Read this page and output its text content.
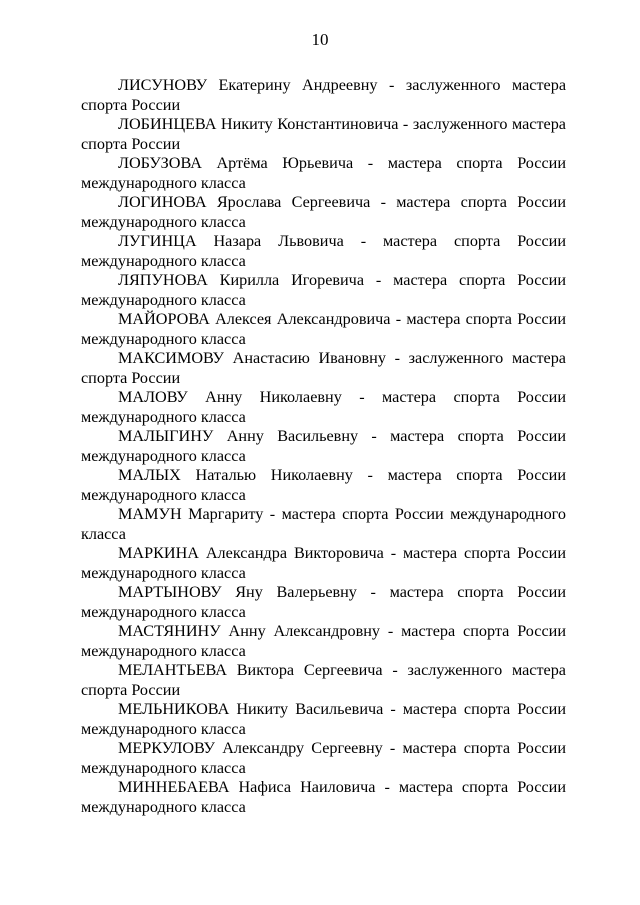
10
ЛИСУНОВУ Екатерину Андреевну - заслуженного мастера спорта России
ЛОБИНЦЕВА Никиту Константиновича - заслуженного мастера спорта России
ЛОБУЗОВА Артёма Юрьевича - мастера спорта России международного класса
ЛОГИНОВА Ярослава Сергеевича - мастера спорта России международного класса
ЛУГИНЦА Назара Львовича - мастера спорта России международного класса
ЛЯПУНОВА Кирилла Игоревича - мастера спорта России международного класса
МАЙОРОВА Алексея Александровича - мастера спорта России международного класса
МАКСИМОВУ Анастасию Ивановну - заслуженного мастера спорта России
МАЛОВУ Анну Николаевну - мастера спорта России международного класса
МАЛЫГИНУ Анну Васильевну - мастера спорта России международного класса
МАЛЫХ Наталью Николаевну - мастера спорта России международного класса
МАМУН Маргариту - мастера спорта России международного класса
МАРКИНА Александра Викторовича - мастера спорта России международного класса
МАРТЫНОВУ Яну Валерьевну - мастера спорта России международного класса
МАСТЯНИНУ Анну Александровну - мастера спорта России международного класса
МЕЛАНТЬЕВА Виктора Сергеевича - заслуженного мастера спорта России
МЕЛЬНИКОВА Никиту Васильевича - мастера спорта России международного класса
МЕРКУЛОВУ Александру Сергеевну - мастера спорта России международного класса
МИННЕБАЕВА Нафиса Наиловича - мастера спорта России международного класса
